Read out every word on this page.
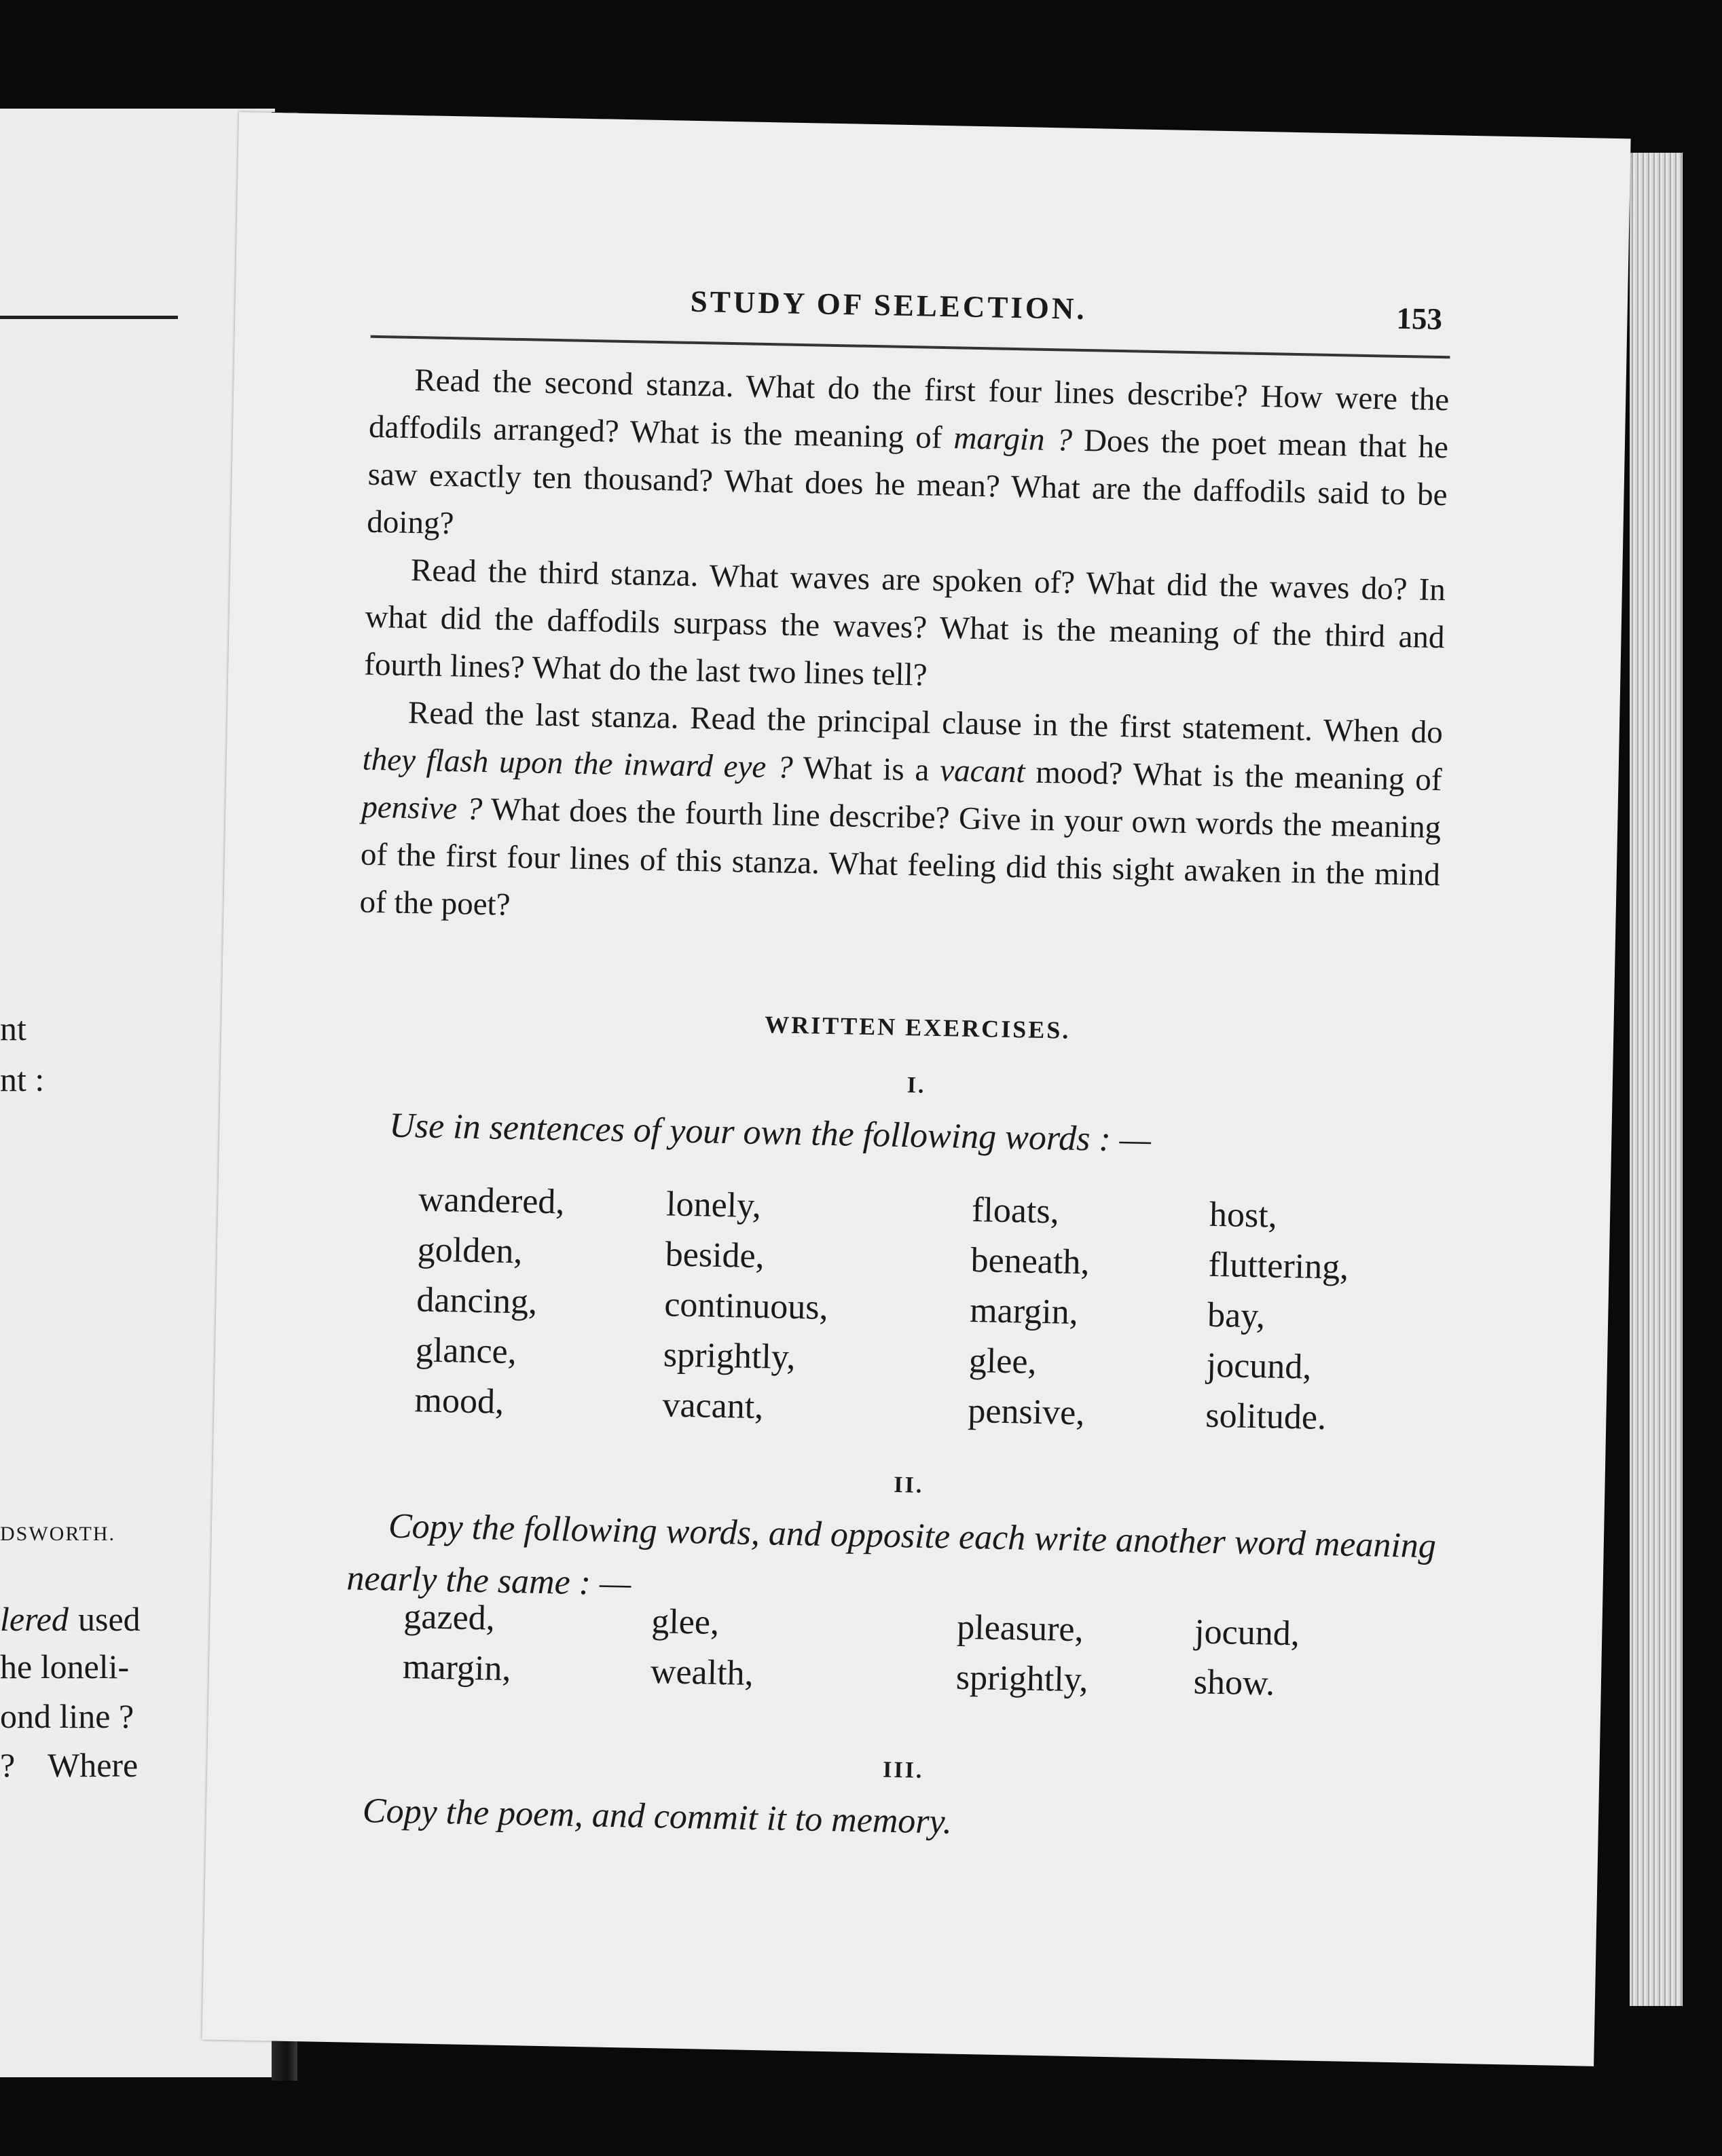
nt
nt :
DSWORTH.
lered used
he loneli-
ond line ?
? Where
STUDY OF SELECTION.	153

Read the second stanza. What do the first four lines describe? How were the daffodils arranged? What is the meaning of margin ? Does the poet mean that he saw exactly ten thousand? What does he mean? What are the daffodils said to be doing?

Read the third stanza. What waves are spoken of? What did the waves do? In what did the daffodils surpass the waves? What is the meaning of the third and fourth lines? What do the last two lines tell?

Read the last stanza. Read the principal clause in the first statement. When do they flash upon the inward eye ? What is a vacant mood? What is the meaning of pensive ? What does the fourth line describe? Give in your own words the meaning of the first four lines of this stanza. What feeling did this sight awaken in the mind of the poet?

WRITTEN EXERCISES.
I.

Use in sentences of your own the following words : —

wandered,
golden,
dancing,
glance,
mood,
lonely,
beside,
continuous,
sprightly,
vacant,
floats,
beneath,
margin,
glee,
pensive,
host,
fluttering,
bay,
jocund,
solitude.
II.

Copy the following words, and opposite each write another word meaning nearly the same : —

gazed,
margin,
glee,
wealth,
pleasure,
sprightly,
jocund,
show.
III.

Copy the poem, and commit it to memory.
